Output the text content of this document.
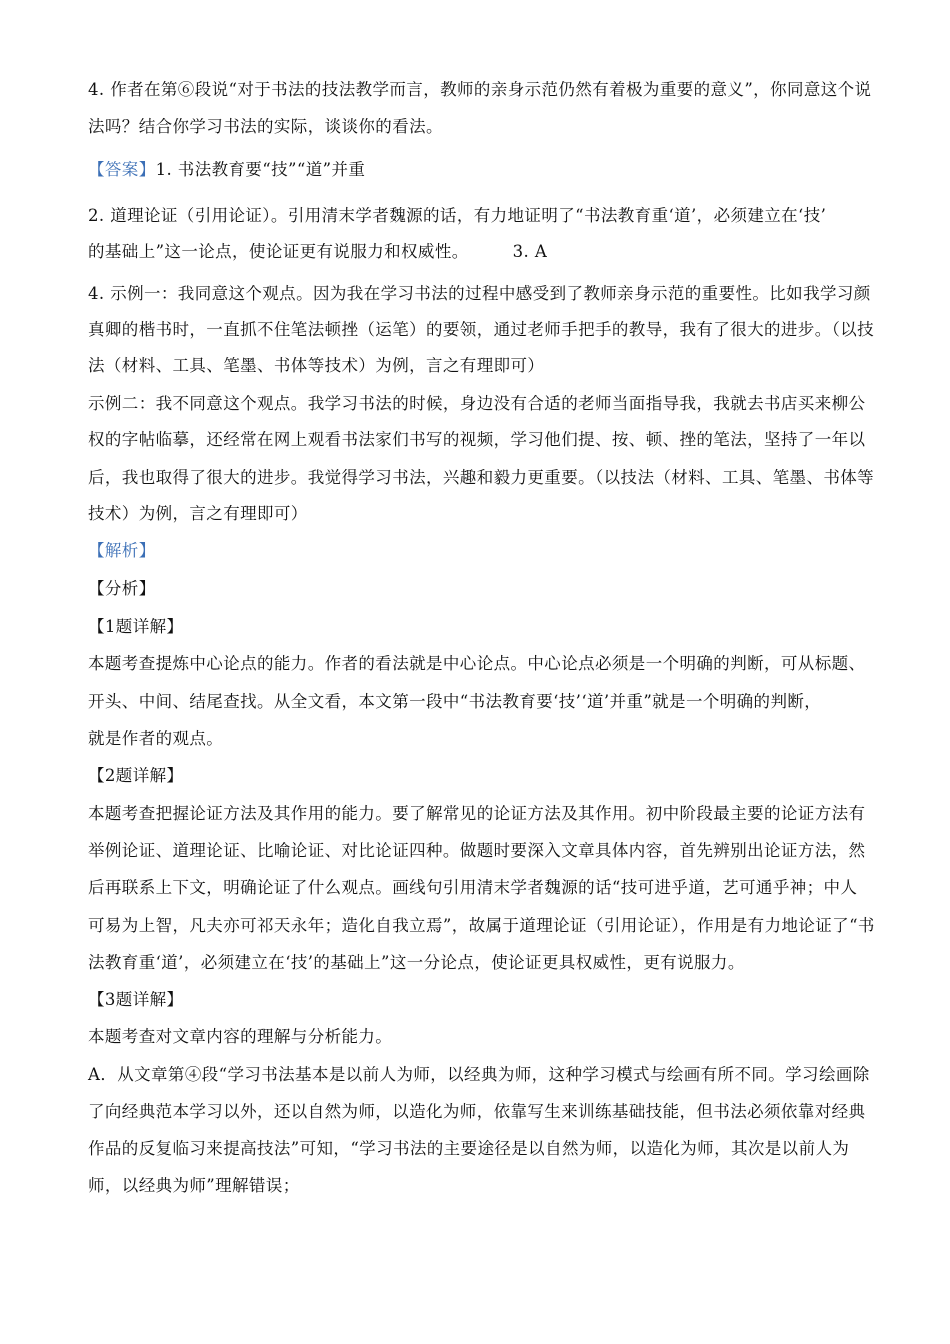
4. 作者在第⑥段说“对于书法的技法教学而言，教师的亲身示范仍然有着极为重要的意义”，你同意这个说
法吗？结合你学习书法的实际，谈谈你的看法。
【答案】1. 书法教育要“技”“道”并重
2. 道理论证（引用论证）。引用清末学者魏源的话，有力地证明了“书法教育重‘道’，必须建立在‘技’
的基础上”这一论点，使论证更有说服力和权威性。	3. A
4. 示例一：我同意这个观点。因为我在学习书法的过程中感受到了教师亲身示范的重要性。比如我学习颜
真卿的楷书时，一直抓不住笔法顿挫（运笔）的要领，通过老师手把手的教导，我有了很大的进步。（以技
法（材料、工具、笔墨、书体等技术）为例，言之有理即可）
示例二：我不同意这个观点。我学习书法的时候，身边没有合适的老师当面指导我，我就去书店买来柳公
权的字帖临摹，还经常在网上观看书法家们书写的视频，学习他们提、按、顿、挫的笔法，坚持了一年以
后，我也取得了很大的进步。我觉得学习书法，兴趣和毅力更重要。（以技法（材料、工具、笔墨、书体等
技术）为例，言之有理即可）
【解析】
【分析】
【1题详解】
本题考查提炼中心论点的能力。作者的看法就是中心论点。中心论点必须是一个明确的判断，可从标题、
开头、中间、结尾查找。从全文看，本文第一段中“书法教育要‘技’‘道’并重”就是一个明确的判断，
就是作者的观点。
【2题详解】
本题考查把握论证方法及其作用的能力。要了解常见的论证方法及其作用。初中阶段最主要的论证方法有
举例论证、道理论证、比喻论证、对比论证四种。做题时要深入文章具体内容，首先辨别出论证方法，然
后再联系上下文，明确论证了什么观点。画线句引用清末学者魏源的话“技可进乎道，艺可通乎神；中人
可易为上智，凡夫亦可祁天永年；造化自我立焉”，故属于道理论证（引用论证），作用是有力地论证了“书
法教育重‘道’，必须建立在‘技’的基础上”这一分论点，使论证更具权威性，更有说服力。
【3题详解】
本题考查对文章内容的理解与分析能力。
A．从文章第④段“学习书法基本是以前人为师，以经典为师，这种学习模式与绘画有所不同。学习绘画除
了向经典范本学习以外，还以自然为师，以造化为师，依靠写生来训练基础技能，但书法必须依靠对经典
作品的反复临习来提高技法”可知，“学习书法的主要途径是以自然为师，以造化为师，其次是以前人为
师，以经典为师”理解错误；
